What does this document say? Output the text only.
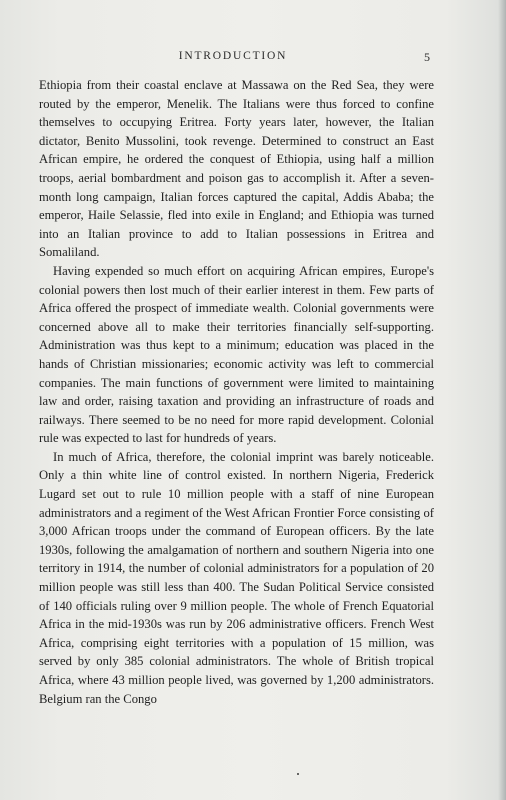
INTRODUCTION	5

Ethiopia from their coastal enclave at Massawa on the Red Sea, they were routed by the emperor, Menelik. The Italians were thus forced to confine themselves to occupying Eritrea. Forty years later, however, the Italian dictator, Benito Mussolini, took revenge. Determined to construct an East African empire, he ordered the conquest of Ethiopia, using half a million troops, aerial bombardment and poison gas to accomplish it. After a seven-month long campaign, Italian forces captured the capital, Addis Ababa; the emperor, Haile Selassie, fled into exile in England; and Ethiopia was turned into an Italian province to add to Italian possessions in Eritrea and Somaliland.

Having expended so much effort on acquiring African empires, Europe's colonial powers then lost much of their earlier interest in them. Few parts of Africa offered the prospect of immediate wealth. Colonial governments were concerned above all to make their territories financially self-supporting. Administration was thus kept to a minimum; education was placed in the hands of Christian missionaries; economic activity was left to commercial companies. The main functions of government were limited to maintaining law and order, raising taxation and providing an infrastructure of roads and railways. There seemed to be no need for more rapid development. Colonial rule was expected to last for hundreds of years.

In much of Africa, therefore, the colonial imprint was barely noticeable. Only a thin white line of control existed. In northern Nigeria, Frederick Lugard set out to rule 10 million people with a staff of nine European administrators and a regiment of the West African Frontier Force consisting of 3,000 African troops under the command of European officers. By the late 1930s, following the amalgamation of northern and southern Nigeria into one territory in 1914, the number of colonial administrators for a population of 20 million people was still less than 400. The Sudan Political Service consisted of 140 officials ruling over 9 million people. The whole of French Equatorial Africa in the mid-1930s was run by 206 administrative officers. French West Africa, comprising eight territories with a population of 15 million, was served by only 385 colonial administrators. The whole of British tropical Africa, where 43 million people lived, was governed by 1,200 administrators. Belgium ran the Congo
